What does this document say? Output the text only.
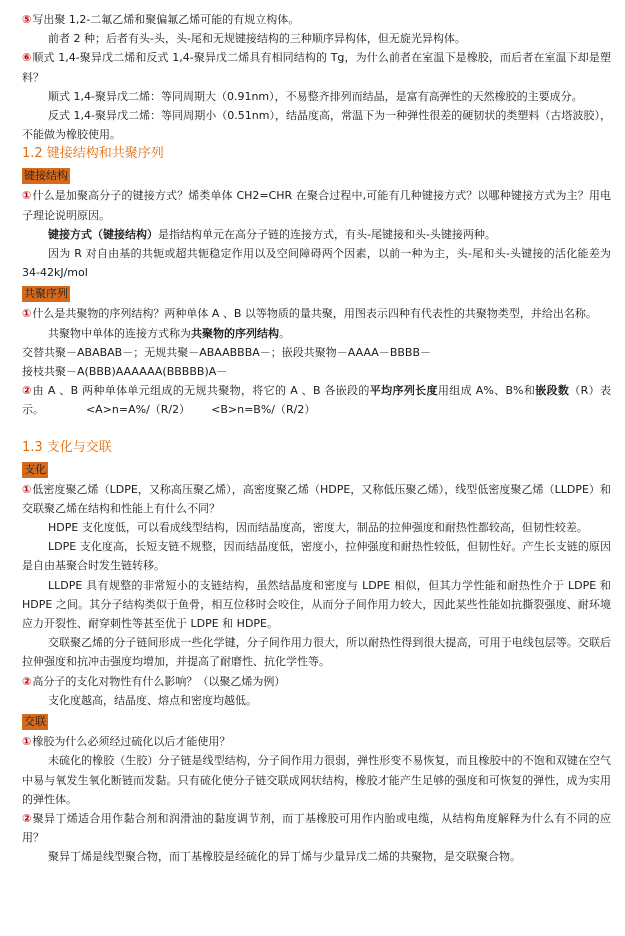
⑤写出聚 1,2-二氟乙烯和聚偏氟乙烯可能的有规立构体。

前者 2 种；后者有头-头，头-尾和无规键接结构的三种顺序异构体，但无旋光异构体。

⑥顺式 1,4-聚异戊二烯和反式 1,4-聚异戊二烯具有相同结构的 Tg，为什么前者在室温下是橡胶，而后者在室温下却是塑料？

顺式 1,4-聚异戊二烯：等同周期大（0.91nm），不易整齐排列而结晶，是富有高弹性的天然橡胶的主要成分。

反式 1,4-聚异戊二烯：等同周期小（0.51nm），结晶度高，常温下为一种弹性很差的硬韧状的类塑料（古塔波胶），不能做为橡胶使用。

1.2 键接结构和共聚序列
键接结构

①什么是加聚高分子的键接方式？烯类单体 CH2=CHR 在聚合过程中,可能有几种键接方式？以哪种键接方式为主？用电子理论说明原因。

键接方式（键接结构）是指结构单元在高分子链的连接方式，有头-尾键接和头-头键接两种。

因为 R 对自由基的共轭或超共轭稳定作用以及空间障碍两个因素，以前一种为主，头-尾和头-头键接的活化能差为 34-42kJ/mol

共聚序列

①什么是共聚物的序列结构？两种单体 A 、B 以等物质的量共聚，用图表示四种有代表性的共聚物类型，并给出名称。

共聚物中单体的连接方式称为共聚物的序列结构。

交替共聚－ABABAB－；无规共聚－ABAABBBA－；嵌段共聚物－AAAA－BBBB－

接枝共聚－A(BBB)AAAAAA(BBBBB)A－

②由 A 、B 两种单体单元组成的无规共聚物，将它的 A 、B 各嵌段的平均序列长度用组成 A%、B%和嵌段数（R）表示。            <A>n=A%/（R/2）      <B>n=B%/（R/2）

1.3 支化与交联
支化

①低密度聚乙烯（LDPE，又称高压聚乙烯），高密度聚乙烯（HDPE，又称低压聚乙烯），线型低密度聚乙烯（LLDPE）和交联聚乙烯在结构和性能上有什么不同？

HDPE 支化度低，可以看成线型结构，因而结晶度高，密度大，制品的拉伸强度和耐热性都较高，但韧性较差。

LDPE 支化度高，长短支链不规整，因而结晶度低，密度小，拉伸强度和耐热性较低，但韧性好。产生长支链的原因是自由基聚合时发生链转移。

LLDPE 具有规整的非常短小的支链结构，虽然结晶度和密度与 LDPE 相似，但其力学性能和耐热性介于 LDPE 和 HDPE 之间。其分子结构类似于鱼骨，相互位移时会咬住，从而分子间作用力较大，因此某些性能如抗撕裂强度、耐环境应力开裂性、耐穿刺性等甚至优于 LDPE 和 HDPE。

交联聚乙烯的分子链间形成一些化学键，分子间作用力很大，所以耐热性得到很大提高，可用于电线包层等。交联后拉伸强度和抗冲击强度均增加，并提高了耐磨性、抗化学性等。

②高分子的支化对物性有什么影响？（以聚乙烯为例）

支化度越高，结晶度、熔点和密度均越低。

交联

①橡胶为什么必须经过硫化以后才能使用？

未硫化的橡胶（生胶）分子链是线型结构，分子间作用力很弱，弹性形变不易恢复，而且橡胶中的不饱和双键在空气中易与氧发生氧化断链而发黏。只有硫化使分子链交联成网状结构，橡胶才能产生足够的强度和可恢复的弹性，成为实用的弹性体。

②聚异丁烯适合用作黏合剂和润滑油的黏度调节剂，而丁基橡胶可用作内胎或电缆，从结构角度解释为什么有不同的应用？

聚异丁烯是线型聚合物，而丁基橡胶是经硫化的异丁烯与少量异戊二烯的共聚物，是交联聚合物。
